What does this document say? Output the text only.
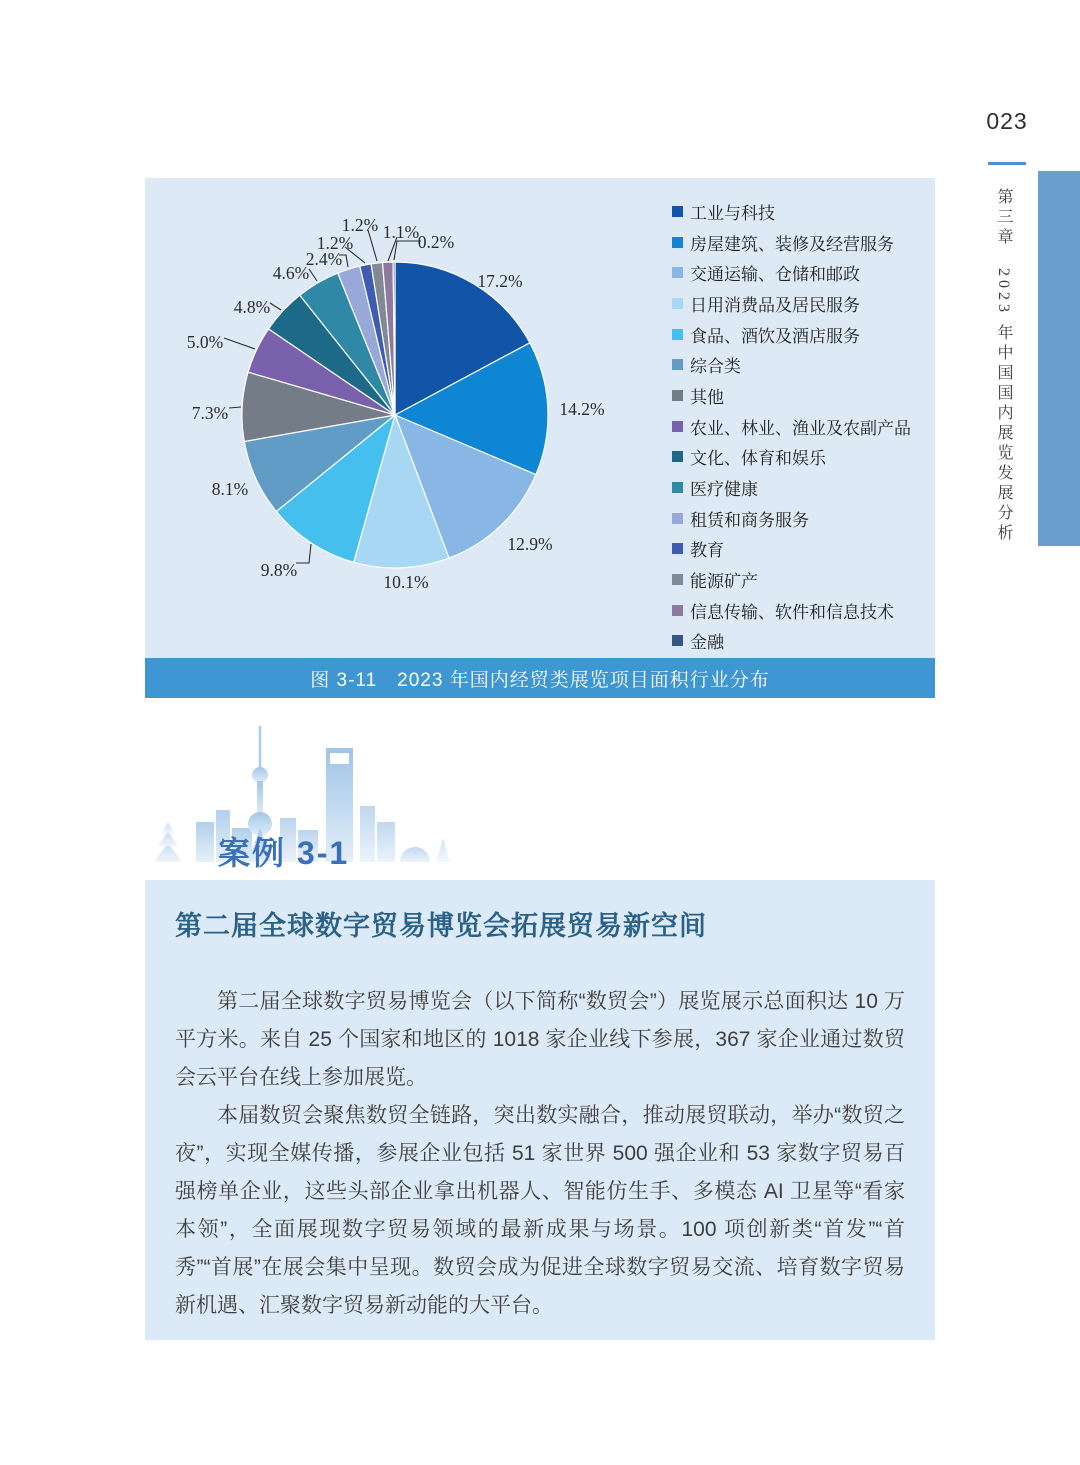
023
第三章　2023 年中国国内展览发展分析
17.2%
14.2%
12.9%
10.1%
9.8%
8.1%
7.3%
5.0%
4.8%
4.6%
2.4%
1.2%
1.2% 1.1%
0.2%
工业与科技
房屋建筑、装修及经营服务
交通运输、仓储和邮政
日用消费品及居民服务
食品、酒饮及酒店服务
综合类
其他
农业、林业、渔业及农副产品
文化、体育和娱乐
医疗健康
租赁和商务服务
教育
能源矿产
信息传输、软件和信息技术
金融
图 3-11　2023 年国内经贸类展览项目面积行业分布
案例 3-1
第二届全球数字贸易博览会拓展贸易新空间

第二届全球数字贸易博览会（以下简称“数贸会”）展览展示总面积达 10 万平方米。来自 25 个国家和地区的 1018 家企业线下参展，367 家企业通过数贸会云平台在线上参加展览。

本届数贸会聚焦数贸全链路，突出数实融合，推动展贸联动，举办“数贸之夜”，实现全媒传播，参展企业包括 51 家世界 500 强企业和 53 家数字贸易百强榜单企业，这些头部企业拿出机器人、智能仿生手、多模态 AI 卫星等“看家本领”，全面展现数字贸易领域的最新成果与场景。100 项创新类“首发”“首秀”“首展”在展会集中呈现。数贸会成为促进全球数字贸易交流、培育数字贸易新机遇、汇聚数字贸易新动能的大平台。
